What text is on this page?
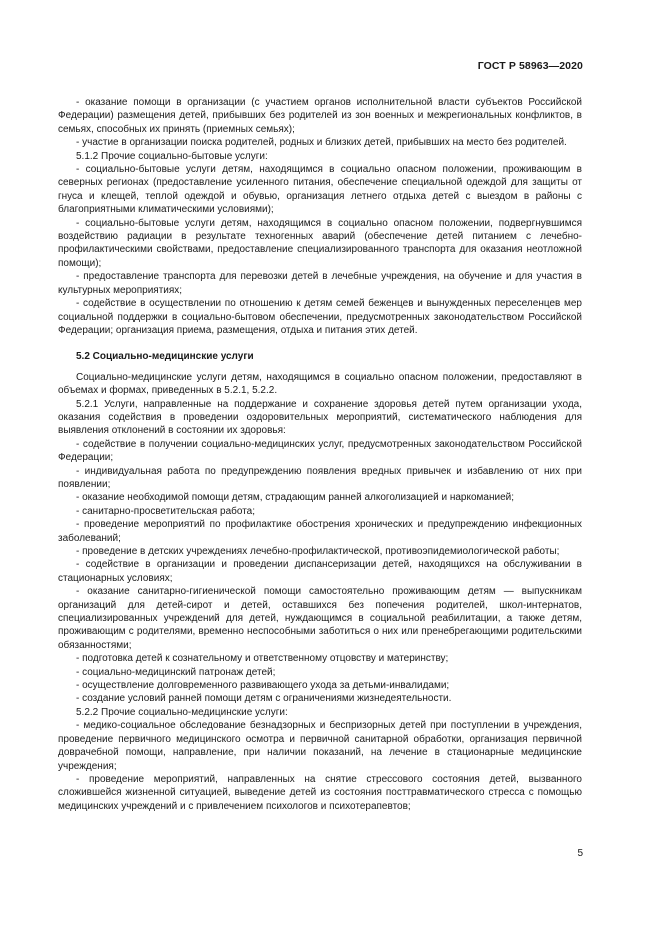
ГОСТ Р 58963—2020

- оказание помощи в организации (с участием органов исполнительной власти субъектов Российской Федерации) размещения детей, прибывших без родителей из зон военных и межрегиональных конфликтов, в семьях, способных их принять (приемных семьях);

- участие в организации поиска родителей, родных и близких детей, прибывших на место без родителей.

5.1.2 Прочие социально-бытовые услуги:

- социально-бытовые услуги детям, находящимся в социально опасном положении, проживающим в северных регионах (предоставление усиленного питания, обеспечение специальной одеждой для защиты от гнуса и клещей, теплой одеждой и обувью, организация летнего отдыха детей с выездом в районы с благоприятными климатическими условиями);

- социально-бытовые услуги детям, находящимся в социально опасном положении, подвергнувшимся воздействию радиации в результате техногенных аварий (обеспечение детей питанием с лечебно-профилактическими свойствами, предоставление специализированного транспорта для оказания неотложной помощи);

- предоставление транспорта для перевозки детей в лечебные учреждения, на обучение и для участия в культурных мероприятиях;

- содействие в осуществлении по отношению к детям семей беженцев и вынужденных переселенцев мер социальной поддержки в социально-бытовом обеспечении, предусмотренных законодательством Российской Федерации; организация приема, размещения, отдыха и питания этих детей.

5.2 Социально-медицинские услуги

Социально-медицинские услуги детям, находящимся в социально опасном положении, предоставляют в объемах и формах, приведенных в 5.2.1, 5.2.2.

5.2.1 Услуги, направленные на поддержание и сохранение здоровья детей путем организации ухода, оказания содействия в проведении оздоровительных мероприятий, систематического наблюдения для выявления отклонений в состоянии их здоровья:

- содействие в получении социально-медицинских услуг, предусмотренных законодательством Российской Федерации;

- индивидуальная работа по предупреждению появления вредных привычек и избавлению от них при появлении;

- оказание необходимой помощи детям, страдающим ранней алкоголизацией и наркоманией;

- санитарно-просветительская работа;

- проведение мероприятий по профилактике обострения хронических и предупреждению инфекционных заболеваний;

- проведение в детских учреждениях лечебно-профилактической, противоэпидемиологической работы;

- содействие в организации и проведении диспансеризации детей, находящихся на обслуживании в стационарных условиях;

- оказание санитарно-гигиенической помощи самостоятельно проживающим детям — выпускникам организаций для детей-сирот и детей, оставшихся без попечения родителей, школ-интернатов, специализированных учреждений для детей, нуждающимся в социальной реабилитации, а также детям, проживающим с родителями, временно неспособными заботиться о них или пренебрегающими родительскими обязанностями;

- подготовка детей к сознательному и ответственному отцовству и материнству;

- социально-медицинский патронаж детей;

- осуществление долговременного развивающего ухода за детьми-инвалидами;

- создание условий ранней помощи детям с ограничениями жизнедеятельности.

5.2.2 Прочие социально-медицинские услуги:

- медико-социальное обследование безнадзорных и беспризорных детей при поступлении в учреждения, проведение первичного медицинского осмотра и первичной санитарной обработки, организация первичной доврачебной помощи, направление, при наличии показаний, на лечение в стационарные медицинские учреждения;

- проведение мероприятий, направленных на снятие стрессового состояния детей, вызванного сложившейся жизненной ситуацией, выведение детей из состояния посттравматического стресса с помощью медицинских учреждений и с привлечением психологов и психотерапевтов;

5
